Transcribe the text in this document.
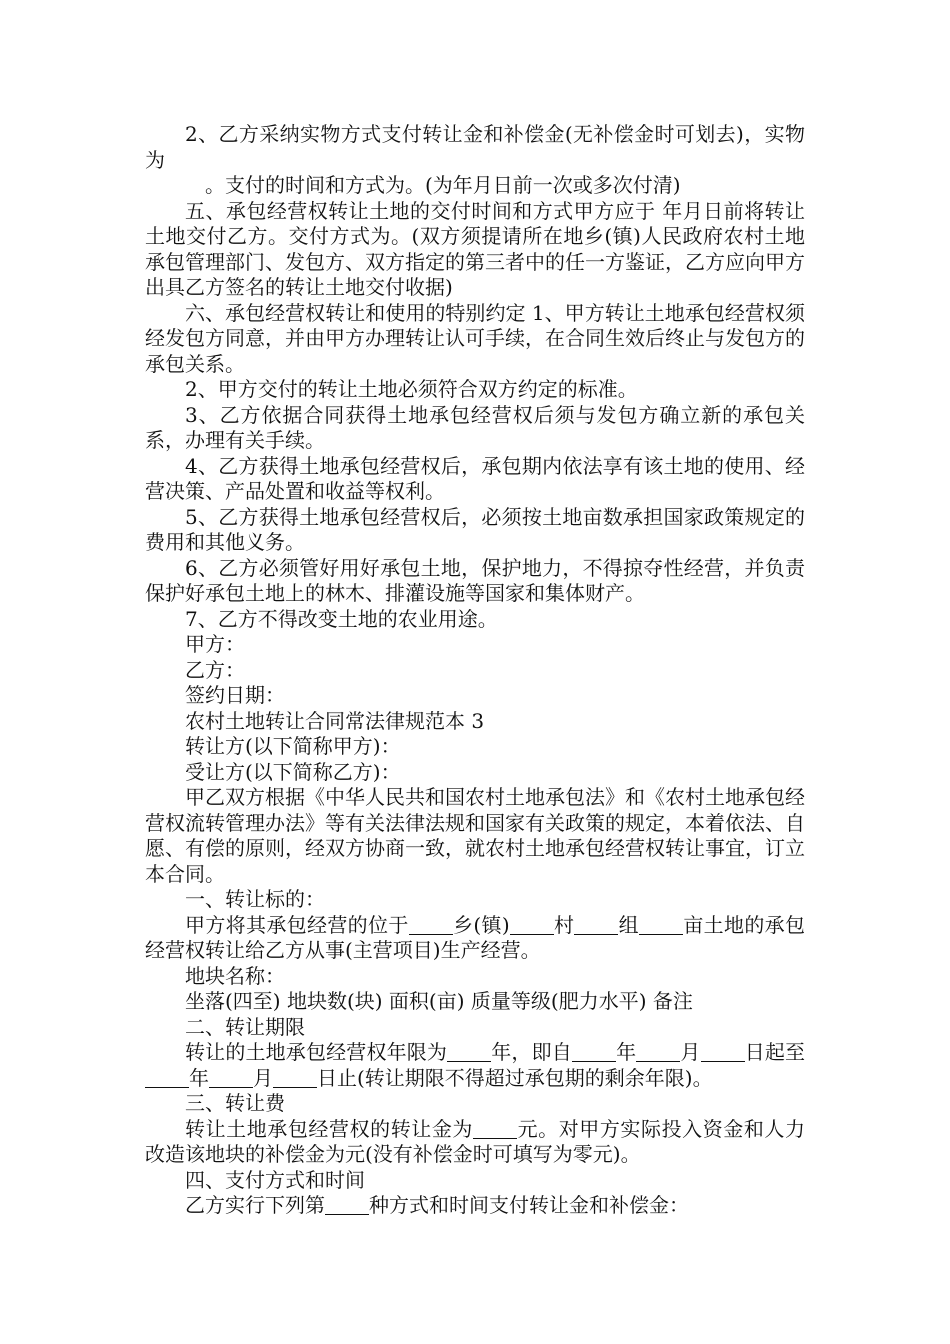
2、乙方采纳实物方式支付转让金和补偿金(无补偿金时可划去)，实物为

。支付的时间和方式为。(为年月日前一次或多次付清)

五、承包经营权转让土地的交付时间和方式甲方应于 年月日前将转让土地交付乙方。交付方式为。(双方须提请所在地乡(镇)人民政府农村土地承包管理部门、发包方、双方指定的第三者中的任一方鉴证，乙方应向甲方出具乙方签名的转让土地交付收据)

六、承包经营权转让和使用的特别约定 1、甲方转让土地承包经营权须经发包方同意，并由甲方办理转让认可手续，在合同生效后终止与发包方的承包关系。

2、甲方交付的转让土地必须符合双方约定的标准。

3、乙方依据合同获得土地承包经营权后须与发包方确立新的承包关系，办理有关手续。

4、乙方获得土地承包经营权后，承包期内依法享有该土地的使用、经营决策、产品处置和收益等权利。

5、乙方获得土地承包经营权后，必须按土地亩数承担国家政策规定的费用和其他义务。

6、乙方必须管好用好承包土地，保护地力，不得掠夺性经营，并负责保护好承包土地上的林木、排灌设施等国家和集体财产。

7、乙方不得改变土地的农业用途。

甲方：

乙方：

签约日期：

农村土地转让合同常法律规范本 3

转让方(以下简称甲方)：

受让方(以下简称乙方)：

甲乙双方根据《中华人民共和国农村土地承包法》和《农村土地承包经营权流转管理办法》等有关法律法规和国家有关政策的规定，本着依法、自愿、有偿的原则，经双方协商一致，就农村土地承包经营权转让事宜，订立本合同。

一、转让标的：

甲方将其承包经营的位于 乡(镇) 村 组 亩土地的承包经营权转让给乙方从事(主营项目)生产经营。

地块名称：

坐落(四至) 地块数(块) 面积(亩) 质量等级(肥力水平) 备注

二、转让期限

转让的土地承包经营权年限为 年，即自 年 月 日起至年 月 日止(转让期限不得超过承包期的剩余年限)。

三、转让费

转让土地承包经营权的转让金为 元。对甲方实际投入资金和人力改造该地块的补偿金为元(没有补偿金时可填写为零元)。

四、支付方式和时间

乙方实行下列第 种方式和时间支付转让金和补偿金：
